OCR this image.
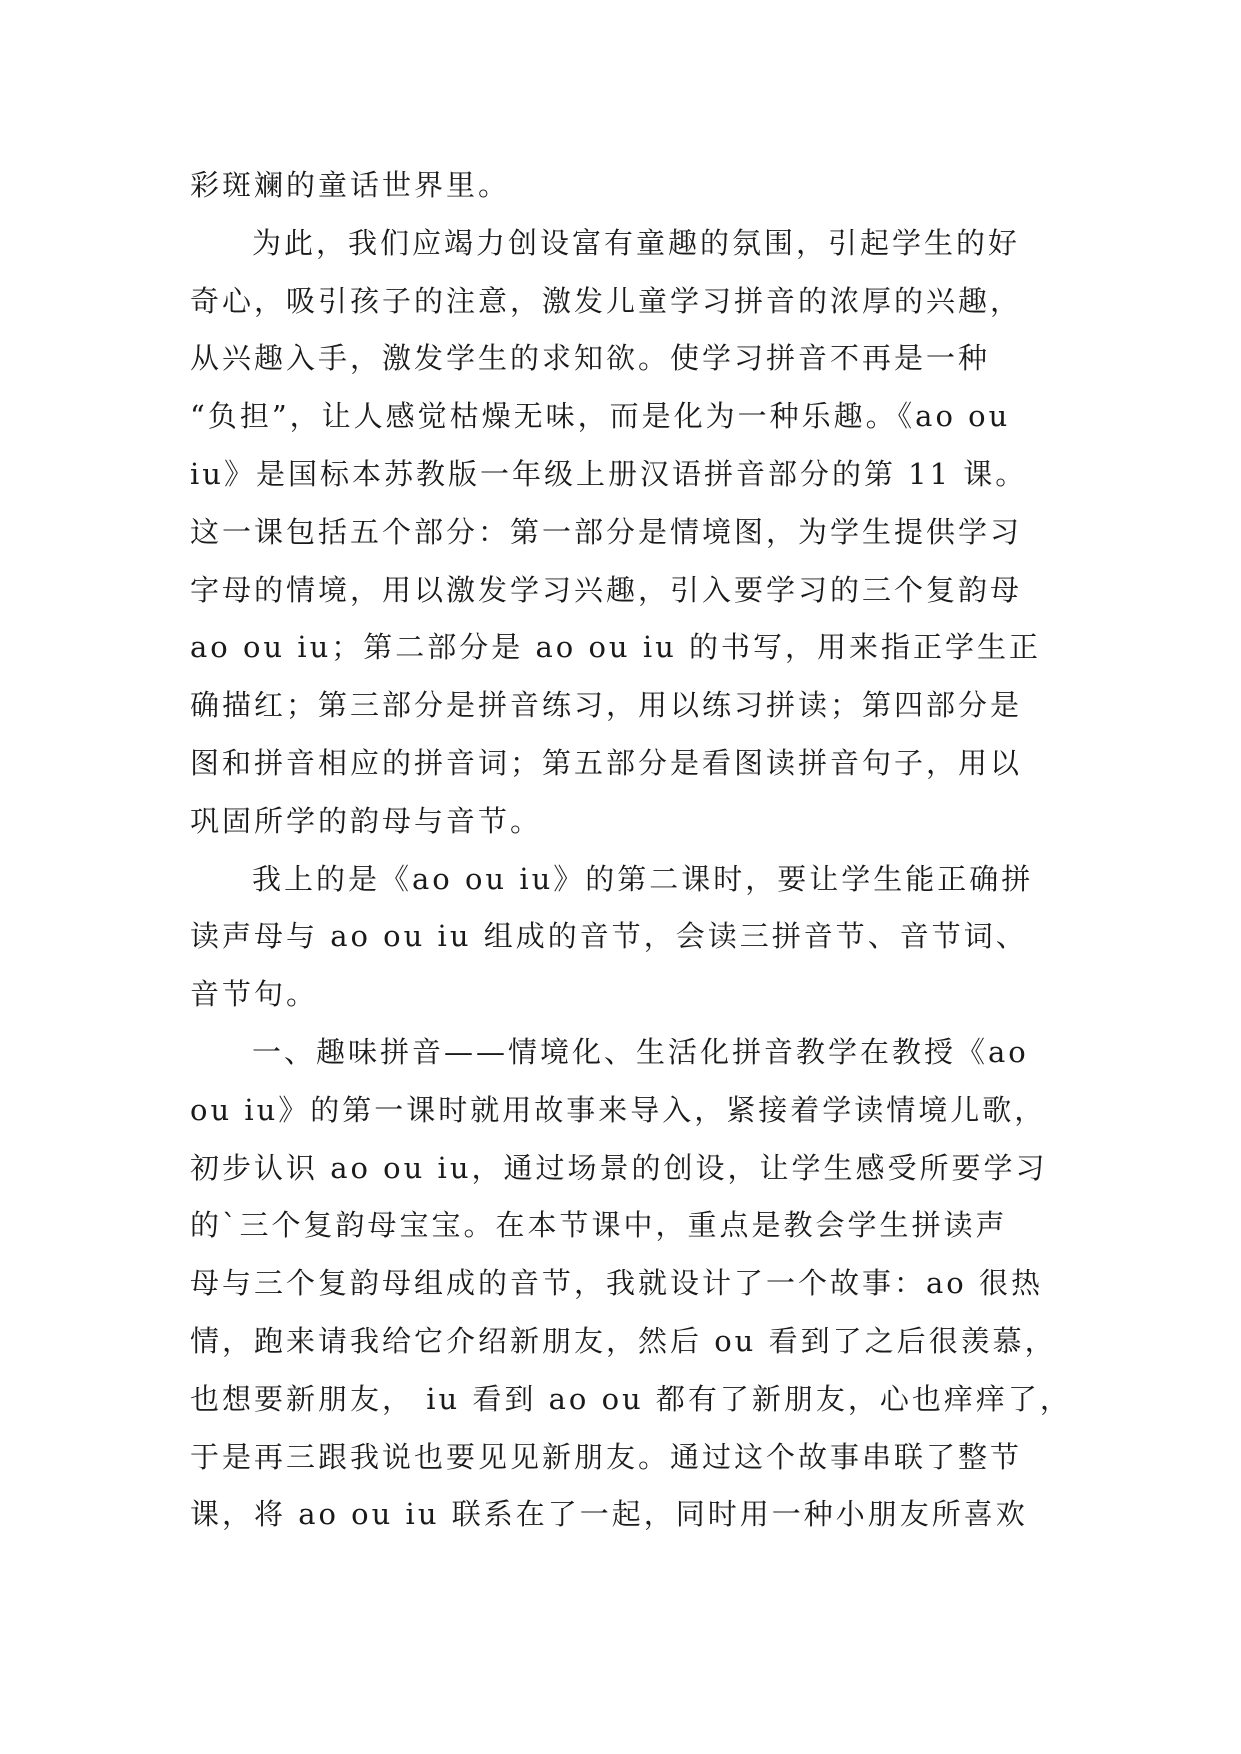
彩斑斓的童话世界里。
为此，我们应竭力创设富有童趣的氛围，引起学生的好
奇心，吸引孩子的注意，激发儿童学习拼音的浓厚的兴趣，
从兴趣入手，激发学生的求知欲。使学习拼音不再是一种
“负担”，让人感觉枯燥无味，而是化为一种乐趣。《ao ou
iu》是国标本苏教版一年级上册汉语拼音部分的第 11 课。
这一课包括五个部分：第一部分是情境图，为学生提供学习
字母的情境，用以激发学习兴趣，引入要学习的三个复韵母
ao ou iu；第二部分是 ao ou iu 的书写，用来指正学生正
确描红；第三部分是拼音练习，用以练习拼读；第四部分是
图和拼音相应的拼音词；第五部分是看图读拼音句子，用以
巩固所学的韵母与音节。
我上的是《ao ou iu》的第二课时，要让学生能正确拼
读声母与 ao ou iu 组成的音节，会读三拼音节、音节词、
音节句。
一、趣味拼音——情境化、生活化拼音教学在教授《ao
ou iu》的第一课时就用故事来导入，紧接着学读情境儿歌，
初步认识 ao ou iu，通过场景的创设，让学生感受所要学习
的`三个复韵母宝宝。在本节课中，重点是教会学生拼读声
母与三个复韵母组成的音节，我就设计了一个故事：ao 很热
情，跑来请我给它介绍新朋友，然后 ou 看到了之后很羡慕，
也想要新朋友， iu 看到 ao ou 都有了新朋友，心也痒痒了，
于是再三跟我说也要见见新朋友。通过这个故事串联了整节
课，将 ao ou iu 联系在了一起，同时用一种小朋友所喜欢
